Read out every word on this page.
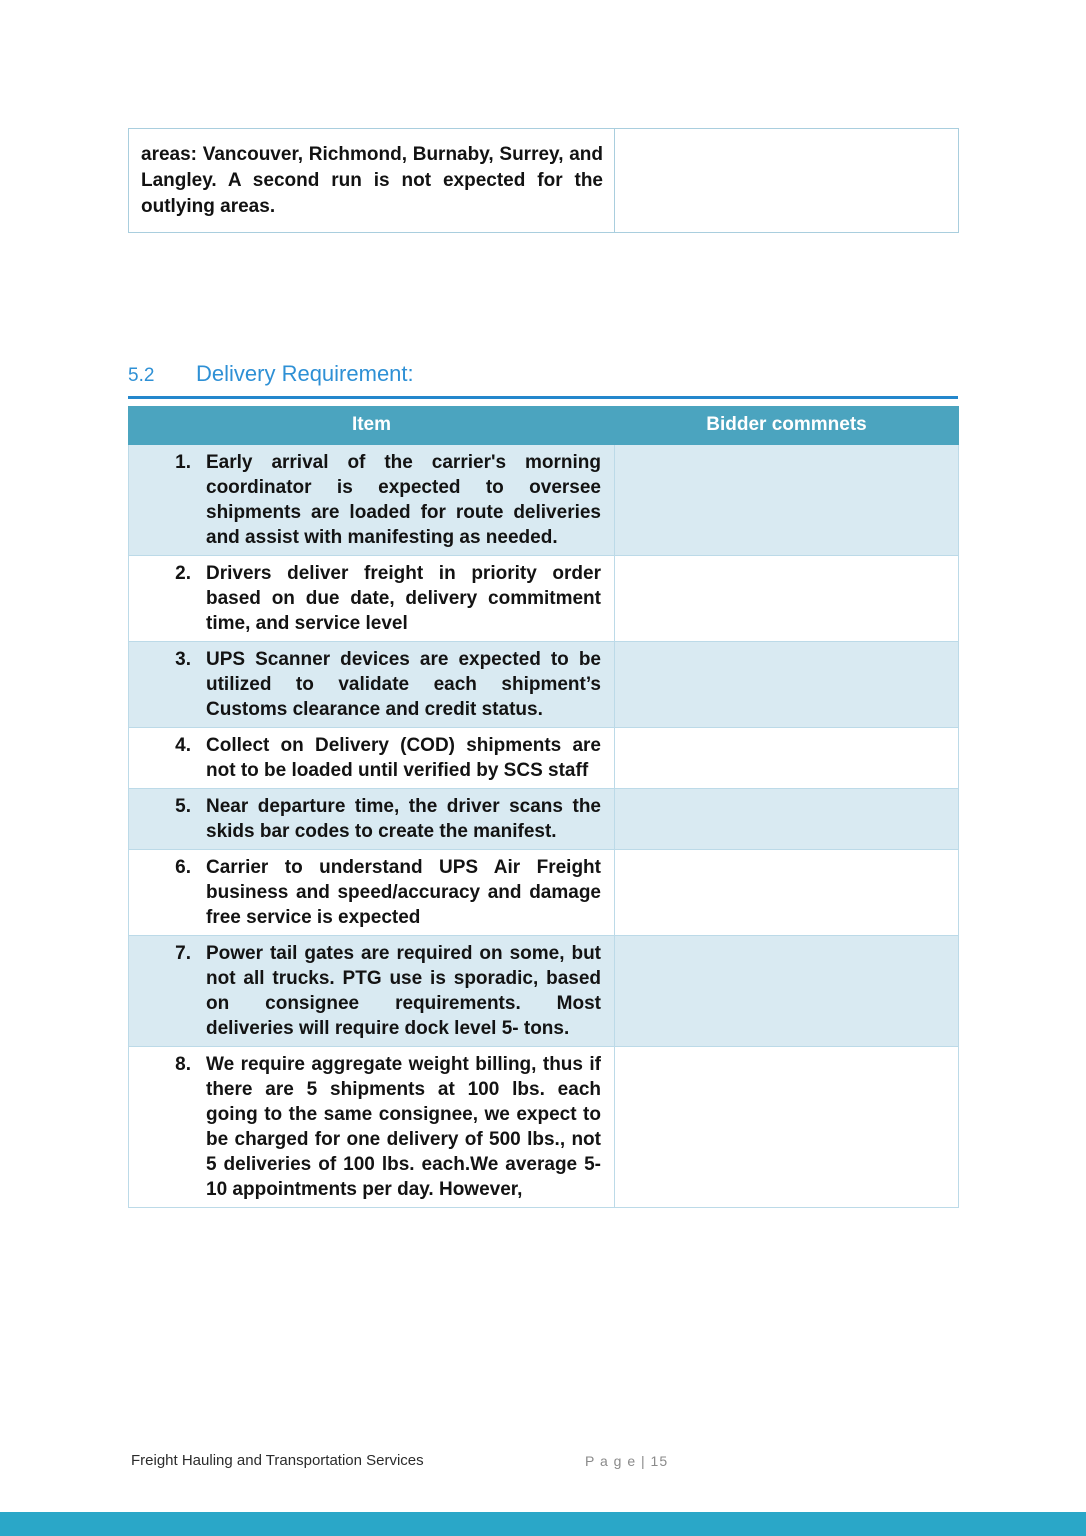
areas: Vancouver, Richmond, Burnaby, Surrey, and Langley. A second run is not expected for the outlying areas.	
5.2 Delivery Requirement:
Item	Bidder commnets

1. Early arrival of the carrier's morning coordinator is expected to oversee shipments are loaded for route deliveries and assist with manifesting as needed.	

2. Drivers deliver freight in priority order based on due date, delivery commitment time, and service level	

3. UPS Scanner devices are expected to be utilized to validate each shipment’s Customs clearance and credit status.	

4. Collect on Delivery (COD) shipments are not to be loaded until verified by SCS staff	

5. Near departure time, the driver scans the skids bar codes to create the manifest.	

6. Carrier to understand UPS Air Freight business and speed/accuracy and damage free service is expected	

7. Power tail gates are required on some, but not all trucks. PTG use is sporadic, based on consignee requirements. Most deliveries will require dock level 5- tons.	

8. We require aggregate weight billing, thus if there are 5 shipments at 100 lbs. each going to the same consignee, we expect to be charged for one delivery of 500 lbs., not 5 deliveries of 100 lbs. each.We average 5-10 appointments per day. However,	

Freight Hauling and Transportation Services	P a g e | 15
